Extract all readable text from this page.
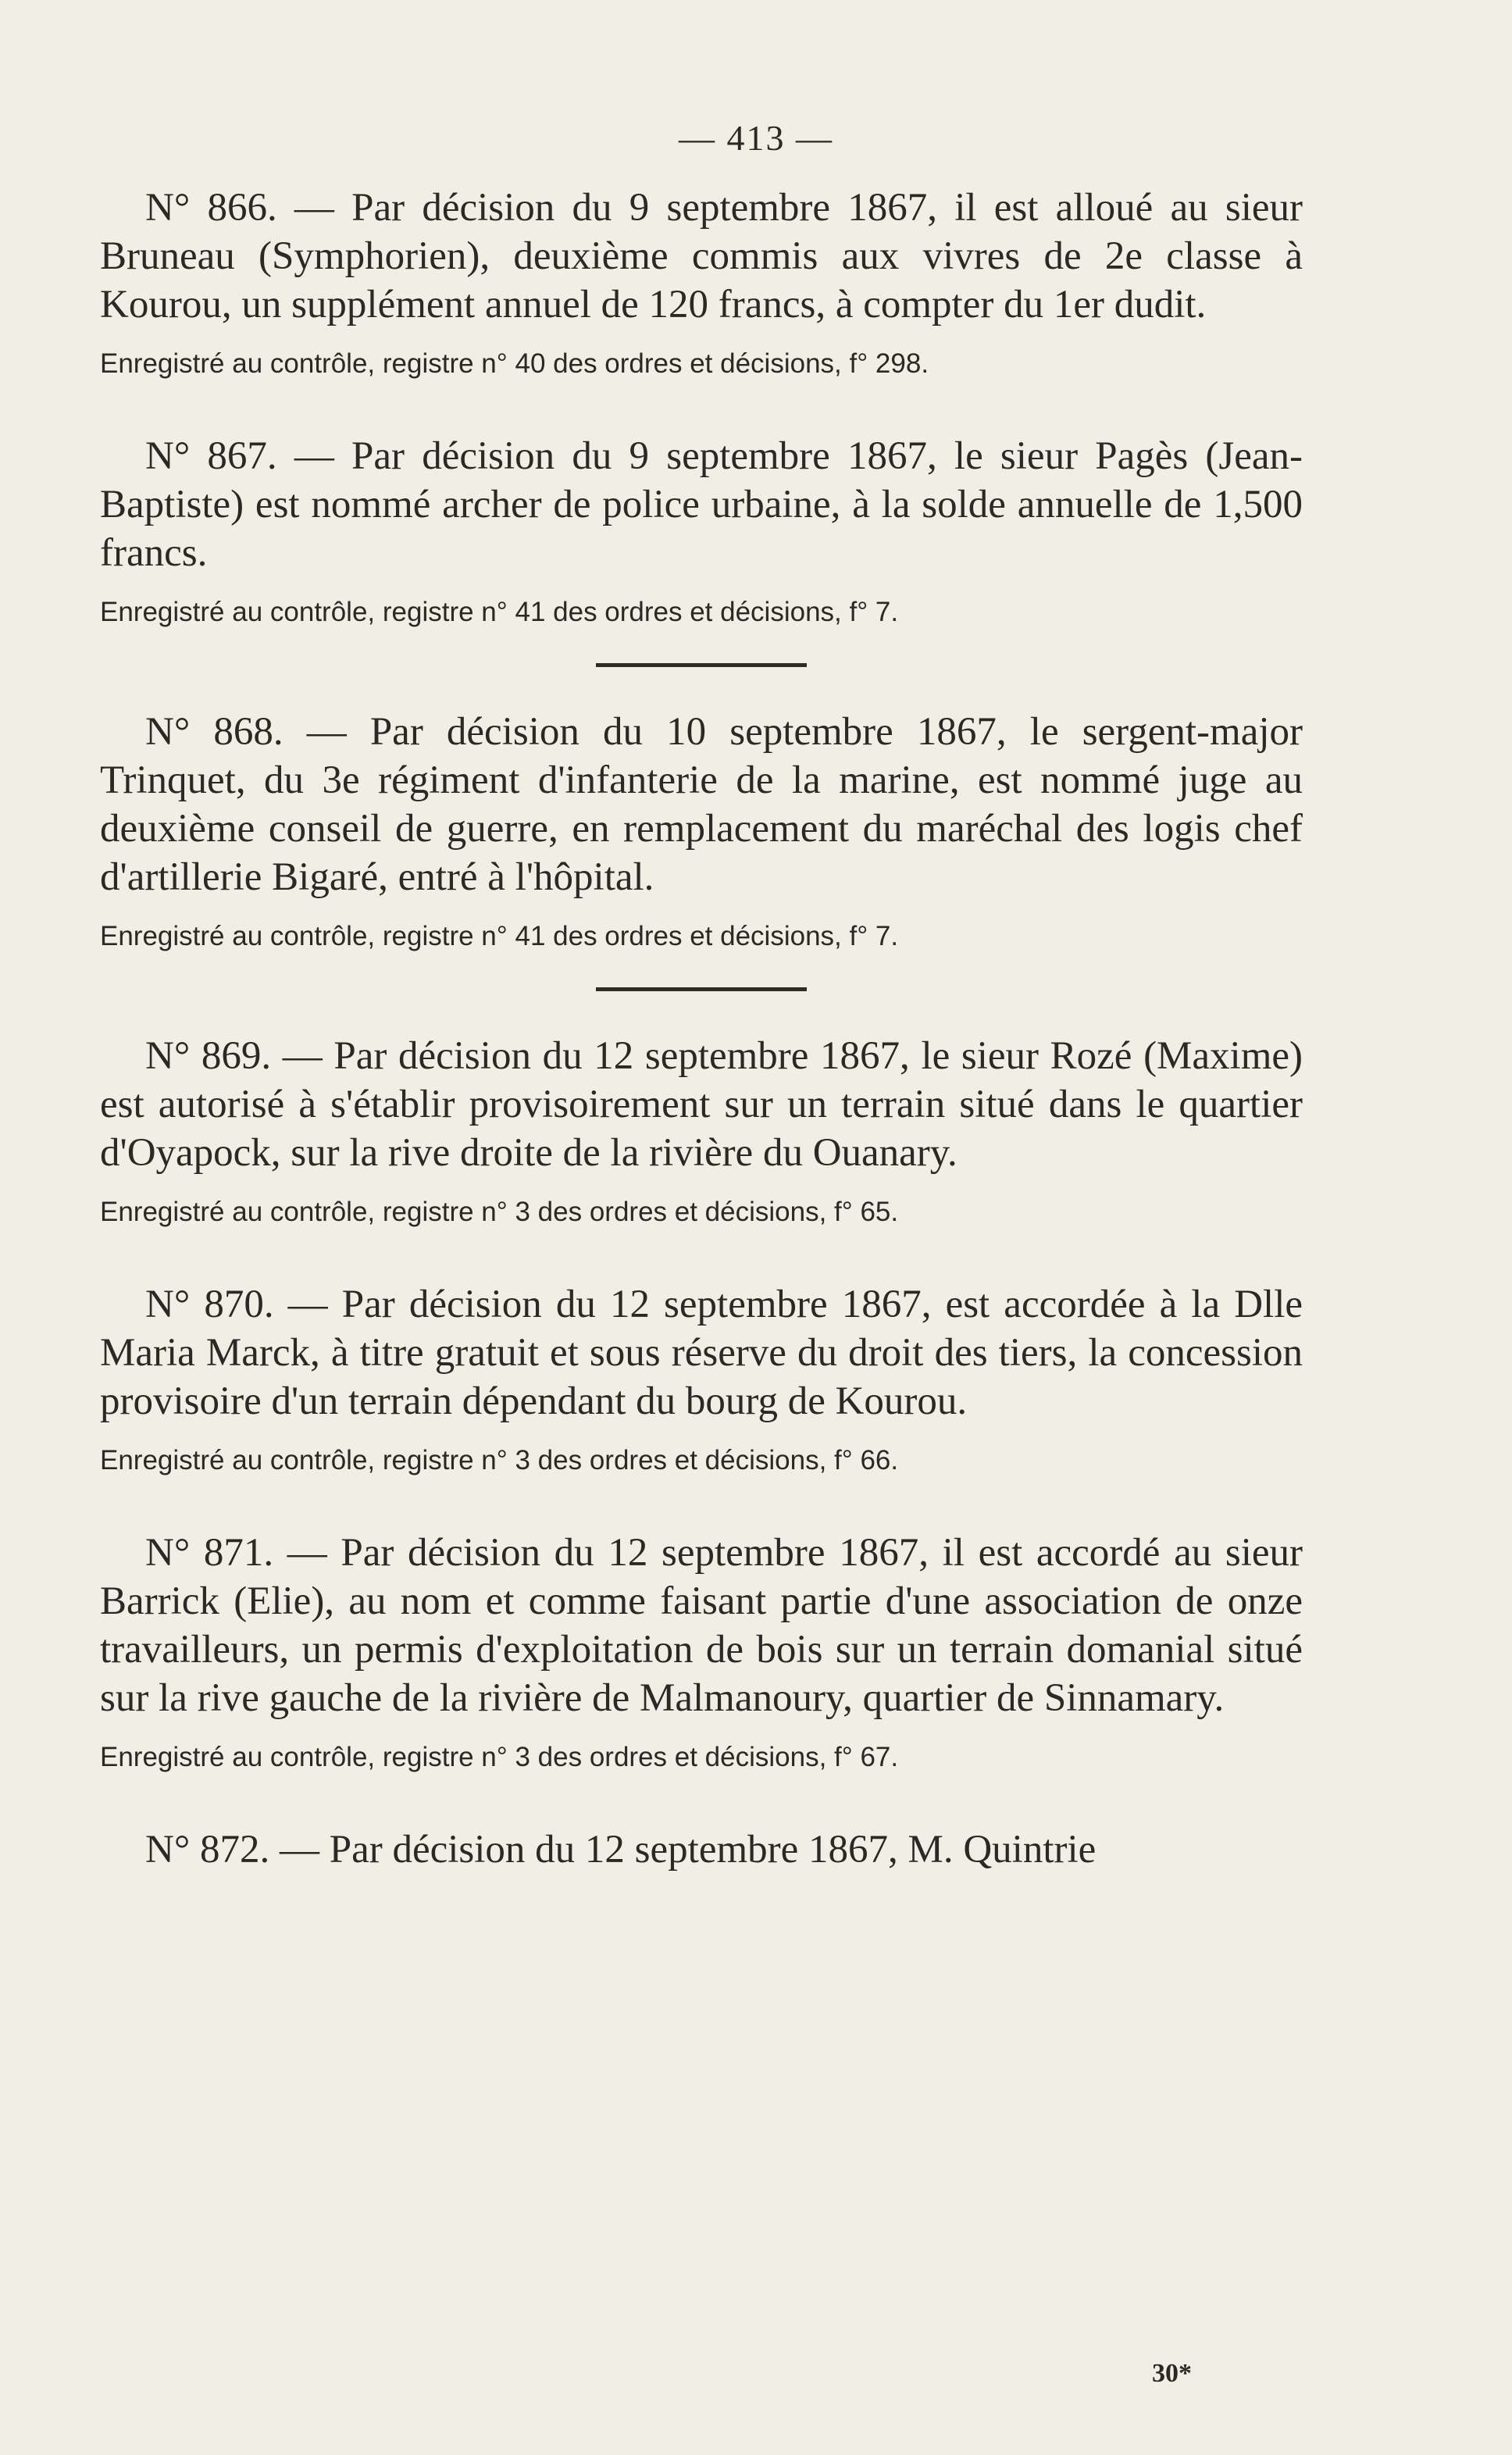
— 413 —

N° 866. — Par décision du 9 septembre 1867, il est alloué au sieur Bruneau (Symphorien), deuxième commis aux vivres de 2e classe à Kourou, un supplément annuel de 120 francs, à compter du 1er dudit.

Enregistré au contrôle, registre n° 40 des ordres et décisions, f° 298.

N° 867. — Par décision du 9 septembre 1867, le sieur Pagès (Jean-Baptiste) est nommé archer de police urbaine, à la solde annuelle de 1,500 francs.

Enregistré au contrôle, registre n° 41 des ordres et décisions, f° 7.

N° 868. — Par décision du 10 septembre 1867, le sergent-major Trinquet, du 3e régiment d'infanterie de la marine, est nommé juge au deuxième conseil de guerre, en remplacement du maréchal des logis chef d'artillerie Bigaré, entré à l'hôpital.

Enregistré au contrôle, registre n° 41 des ordres et décisions, f° 7.

N° 869. — Par décision du 12 septembre 1867, le sieur Rozé (Maxime) est autorisé à s'établir provisoirement sur un terrain situé dans le quartier d'Oyapock, sur la rive droite de la rivière du Ouanary.

Enregistré au contrôle, registre n° 3 des ordres et décisions, f° 65.

N° 870. — Par décision du 12 septembre 1867, est accordée à la Dlle Maria Marck, à titre gratuit et sous réserve du droit des tiers, la concession provisoire d'un terrain dépendant du bourg de Kourou.

Enregistré au contrôle, registre n° 3 des ordres et décisions, f° 66.

N° 871. — Par décision du 12 septembre 1867, il est accordé au sieur Barrick (Elie), au nom et comme faisant partie d'une association de onze travailleurs, un permis d'exploitation de bois sur un terrain domanial situé sur la rive gauche de la rivière de Malmanoury, quartier de Sinnamary.

Enregistré au contrôle, registre n° 3 des ordres et décisions, f° 67.

N° 872. — Par décision du 12 septembre 1867, M. Quintrie

30*
